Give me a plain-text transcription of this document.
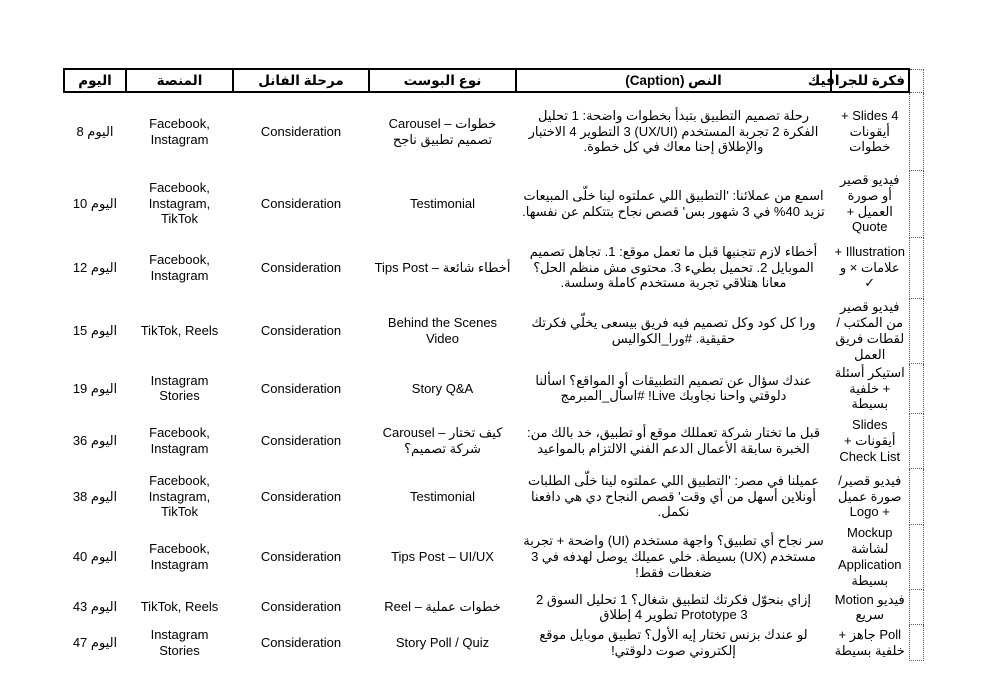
اليوم	المنصة	مرحلة الفانل	نوع البوست	النص (Caption)	فكرة للجرافيك	
اليوم 8	Facebook, Instagram	Consideration	Carousel – خطوات تصميم تطبيق ناجح	رحلة تصميم التطبيق بتبدأ بخطوات واضحة: 1 تحليل الفكرة 2 تجربة المستخدم (UX/UI) 3 التطوير 4 الاختبار والإطلاق إحنا معاك في كل خطوة.	4 Slides + أيقونات خطوات	
اليوم 10	Facebook, Instagram, TikTok	Consideration	Testimonial	اسمع من عملائنا: 'التطبيق اللي عملتوه لينا خلّى المبيعات تزيد 40% في 3 شهور بس' قصص نجاح بتتكلم عن نفسها.	فيديو قصير أو صورة العميل + Quote	
اليوم 12	Facebook, Instagram	Consideration	Tips Post – أخطاء شائعة	أخطاء لازم تتجنبها قبل ما تعمل موقع: 1. تجاهل تصميم الموبايل 2. تحميل بطيء 3. محتوى مش منظم الحل؟ معانا هتلاقي تجربة مستخدم كاملة وسلسة.	Illustration + علامات × و ✓	
اليوم 15	TikTok, Reels	Consideration	Behind the Scenes Video	ورا كل كود وكل تصميم فيه فريق بيسعى يخلّي فكرتك حقيقية. #ورا_الكواليس	فيديو قصير من المكتب / لقطات فريق العمل	
اليوم 19	Instagram Stories	Consideration	Story Q&A	عندك سؤال عن تصميم التطبيقات أو المواقع؟ اسألنا دلوقتي واحنا نجاوبك Live! #اسأل_المبرمج	استيكر أسئلة + خلفية بسيطة	
اليوم 36	Facebook, Instagram	Consideration	Carousel – كيف تختار شركة تصميم؟	قبل ما تختار شركة تعمللك موقع أو تطبيق، خد بالك من: الخبرة سابقة الأعمال الدعم الفني الالتزام بالمواعيد	Slides أيقونات + Check List	
اليوم 38	Facebook, Instagram, TikTok	Consideration	Testimonial	عميلنا في مصر: 'التطبيق اللي عملتوه لينا خلّى الطلبات أونلاين أسهل من أي وقت' قصص النجاح دي هي دافعنا نكمل.	فيديو قصير/صورة عميل + Logo	
اليوم 40	Facebook, Instagram	Consideration	Tips Post – UI/UX	سر نجاح أي تطبيق؟ واجهة مستخدم (UI) واضحة + تجربة مستخدم (UX) بسيطة. خلي عميلك يوصل لهدفه في 3 ضغطات فقط!	Mockup لشاشة Application بسيطة	
اليوم 43	TikTok, Reels	Consideration	Reel – خطوات عملية	إزاي بنحوّل فكرتك لتطبيق شغال؟ 1 تحليل السوق 2 Prototype 3 تطوير 4 إطلاق	فيديو Motion سريع	
اليوم 47	Instagram Stories	Consideration	Story Poll / Quiz	لو عندك بزنس تختار إيه الأول؟ تطبيق موبايل موقع إلكتروني صوت دلوقتي!	Poll جاهز + خلفية بسيطة	
